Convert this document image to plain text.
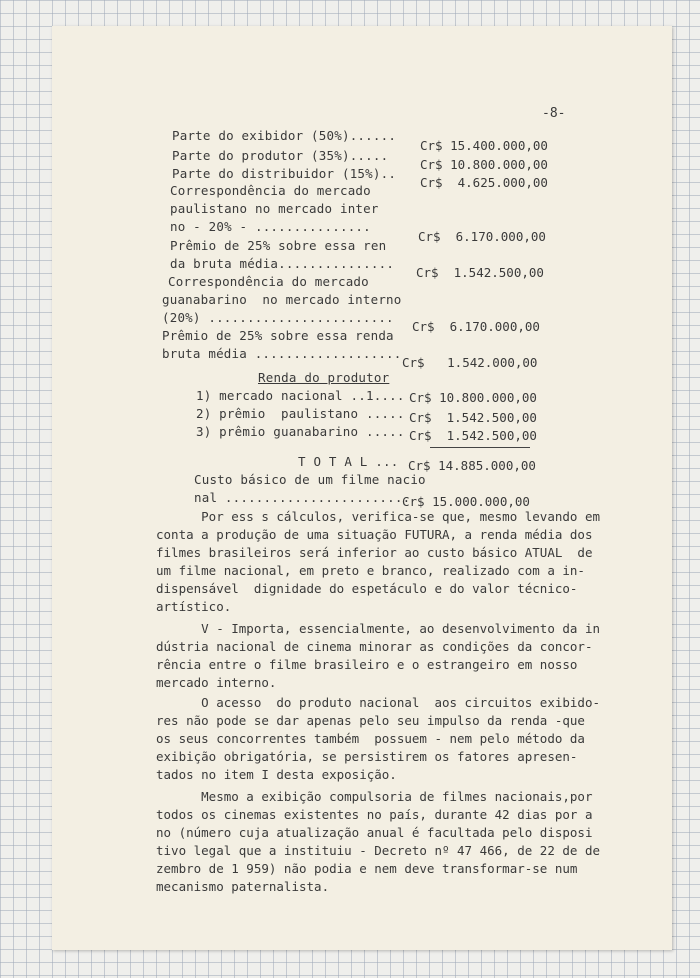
-8-
Parte do exibidor (50%)......
Cr$ 15.400.000,00
Parte do produtor (35%).....
Cr$ 10.800.000,00
Parte do distribuidor (15%)..
Cr$  4.625.000,00
Correspondência do mercado
paulistano no mercado inter
no - 20% - ...............
Cr$  6.170.000,00
Prêmio de 25% sobre essa ren
da bruta média...............
Cr$  1.542.500,00
Correspondência do mercado
guanabarino  no mercado interno
(20%) ........................
Cr$  6.170.000,00
Prêmio de 25% sobre essa renda
bruta média ...................
Cr$   1.542.000,00
Renda do produtor
1) mercado nacional ..1.... Cr$ 10.800.000,00
2) prêmio  paulistano ..... Cr$  1.542.500,00
3) prêmio guanabarino ..... Cr$  1.542.500,00
T O T A L ... Cr$ 14.885.000,00
Custo básico de um filme nacio
nal ........................
Cr$ 15.000.000,00
Por ess s cálculos, verifica-se que, mesmo levando em
conta a produção de uma situação FUTURA, a renda média dos
filmes brasileiros será inferior ao custo básico ATUAL  de
um filme nacional, em preto e branco, realizado com a in-
dispensável  dignidade do espetáculo e do valor técnico-
artístico.
V - Importa, essencialmente, ao desenvolvimento da in
dústria nacional de cinema minorar as condições da concor-
rência entre o filme brasileiro e o estrangeiro em nosso
mercado interno.
O acesso  do produto nacional  aos circuitos exibido-
res não pode se dar apenas pelo seu impulso da renda -que
os seus concorrentes também  possuem - nem pelo método da
exibição obrigatória, se persistirem os fatores apresen-
tados no item I desta exposição.
Mesmo a exibição compulsoria de filmes nacionais,por
todos os cinemas existentes no país, durante 42 dias por a
no (número cuja atualização anual é facultada pelo disposi
tivo legal que a instituiu - Decreto nº 47 466, de 22 de de
zembro de 1 959) não podia e nem deve transformar-se num
mecanismo paternalista.
